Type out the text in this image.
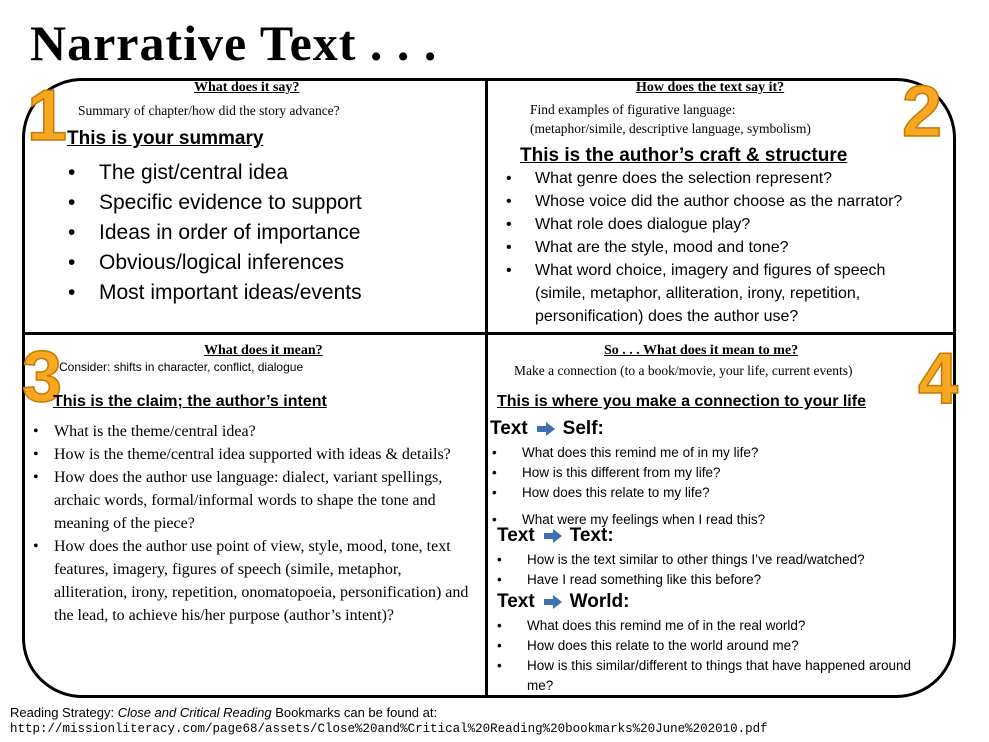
Narrative Text . . .
1	What does it say?
Summary of chapter/how did the story advance?
This is your summary
• The gist/central idea
• Specific evidence to support
• Ideas in order of importance
• Obvious/logical inferences
• Most important ideas/events
2
How does the text say it?
Find examples of figurative language:
(metaphor/simile, descriptive language, symbolism)
This is the author’s craft & structure
• What genre does the selection represent?
• Whose voice did the author choose as the narrator?
• What role does dialogue play?
• What are the style, mood and tone?
• What word choice, imagery and figures of speech (simile, metaphor, alliteration, irony, repetition, personification) does the author use?
3	What does it mean?
Consider: shifts in character, conflict, dialogue
This is the claim; the author’s intent
• What is the theme/central idea?
• How is the theme/central idea supported with ideas & details?
• How does the author use language: dialect, variant spellings, archaic words, formal/informal words to shape the tone and meaning of the piece?
• How does the author use point of view, style, mood, tone, text features, imagery, figures of speech (simile, metaphor, alliteration, irony, repetition, onomatopoeia, personification) and the lead, to achieve his/her purpose (author’s intent)?
4
So . . . What does it mean to me?
Make a connection (to a book/movie, your life, current events)
This is where you make a connection to your life
Text Self:
• What does this remind me of in my life?
• How is this different from my life?
• How does this relate to my life?
• What were my feelings when I read this?
Text Text:
• How is the text similar to other things I’ve read/watched?
• Have I read something like this before?
Text World:
• What does this remind me of in the real world?
• How does this relate to the world around me?
• How is this similar/different to things that have happened around me?
Reading Strategy: Close and Critical Reading Bookmarks can be found at:
http://missionliteracy.com/page68/assets/Close%20and%Critical%20Reading%20bookmarks%20June%202010.pdf
